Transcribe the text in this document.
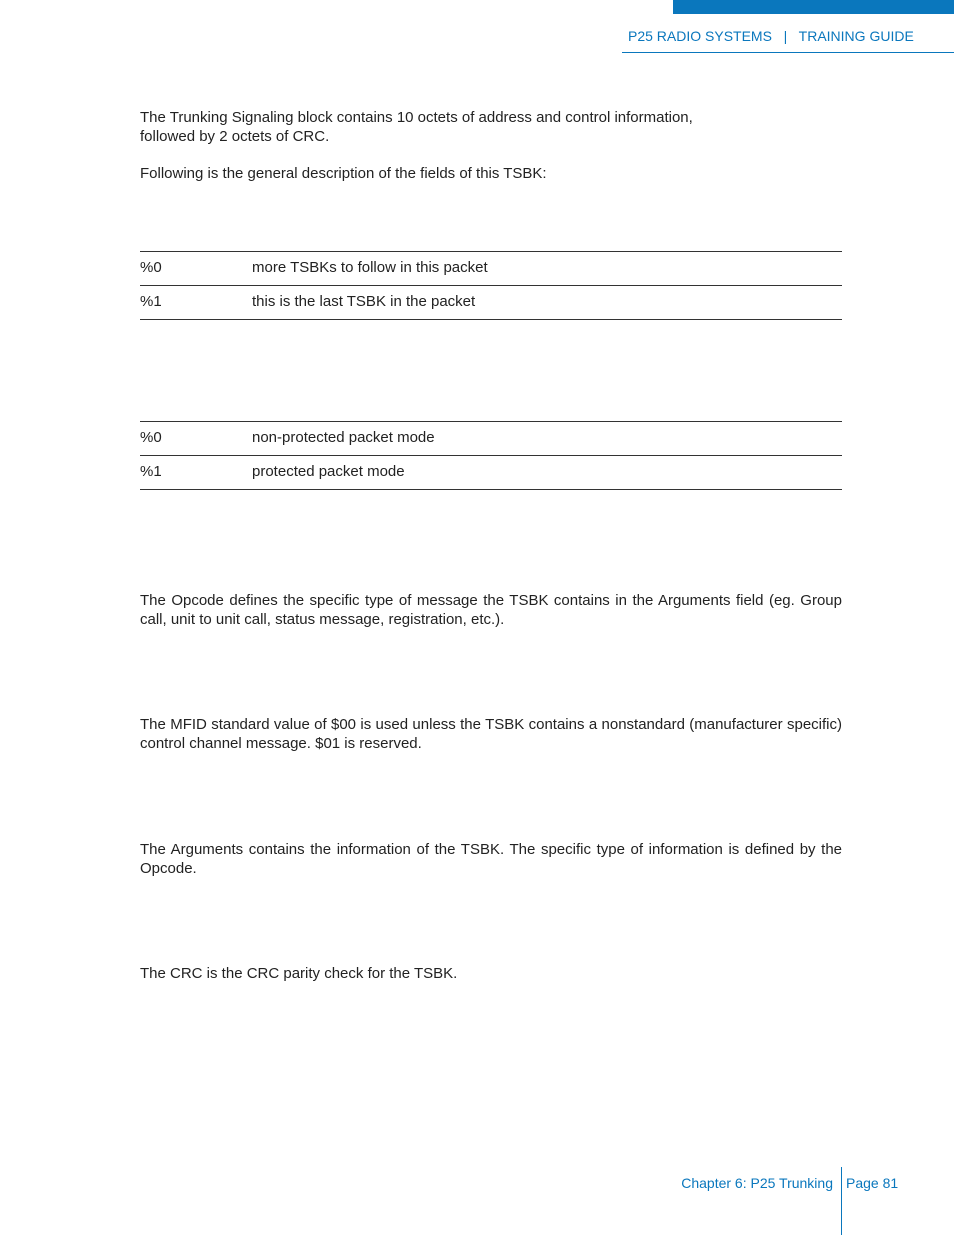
P25 RADIO SYSTEMS | TRAINING GUIDE

The Trunking Signaling block contains 10 octets of address and control information,
followed by 2 octets of CRC.

Following is the general description of the fields of this TSBK:

%0	more TSBKs to follow in this packet
%1	this is the last TSBK in the packet
%0	non-protected packet mode
%1	protected packet mode

The Opcode defines the specific type of message the TSBK contains in the Arguments field (eg. Group call, unit to unit call, status message, registration, etc.).

The MFID standard value of $00 is used unless the TSBK contains a nonstandard (manufacturer specific) control channel message. $01 is reserved.

The Arguments contains the information of the TSBK. The specific type of information is defined by the Opcode.

The CRC is the CRC parity check for the TSBK.

Chapter 6: P25 Trunking Page 81
